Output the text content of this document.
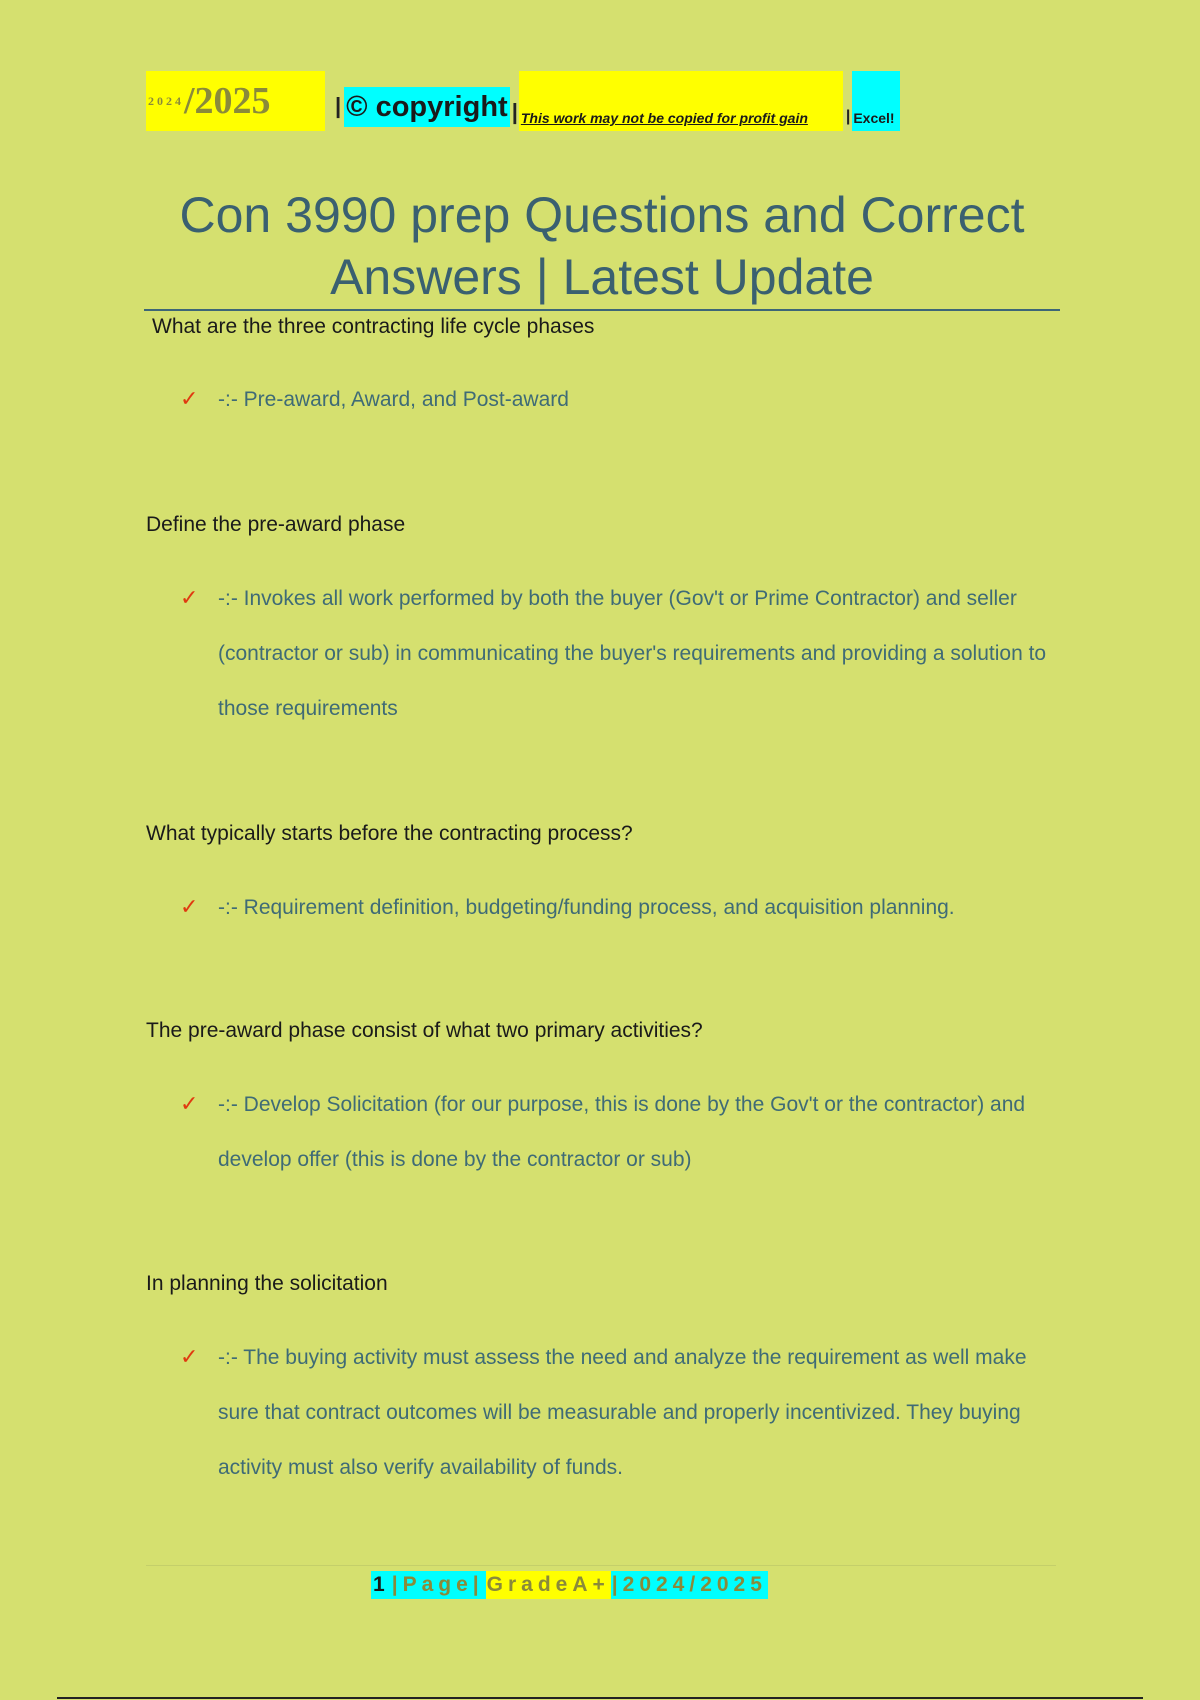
2024 /2025	| © copyright | This work may not be copied for profit gain	| Excel!
Con 3990 prep Questions and Correct
Answers | Latest Update
What are the three contracting life cycle phases
✓ -:- Pre-award, Award, and Post-award
Define the pre-award phase
✓ -:- Invokes all work performed by both the buyer (Gov't or Prime Contractor) and seller (contractor or sub) in communicating the buyer's requirements and providing a solution to those requirements
What typically starts before the contracting process?
✓ -:- Requirement definition, budgeting/funding process, and acquisition planning.
The pre-award phase consist of what two primary activities?
✓ -:- Develop Solicitation (for our purpose, this is done by the Gov't or the contractor) and develop offer (this is done by the contractor or sub)
In planning the solicitation
✓ -:- The buying activity must assess the need and analyze the requirement as well make sure that contract outcomes will be measurable and properly incentivized. They buying activity must also verify availability of funds.
1 |Page| GradeA+ |2024/2025
